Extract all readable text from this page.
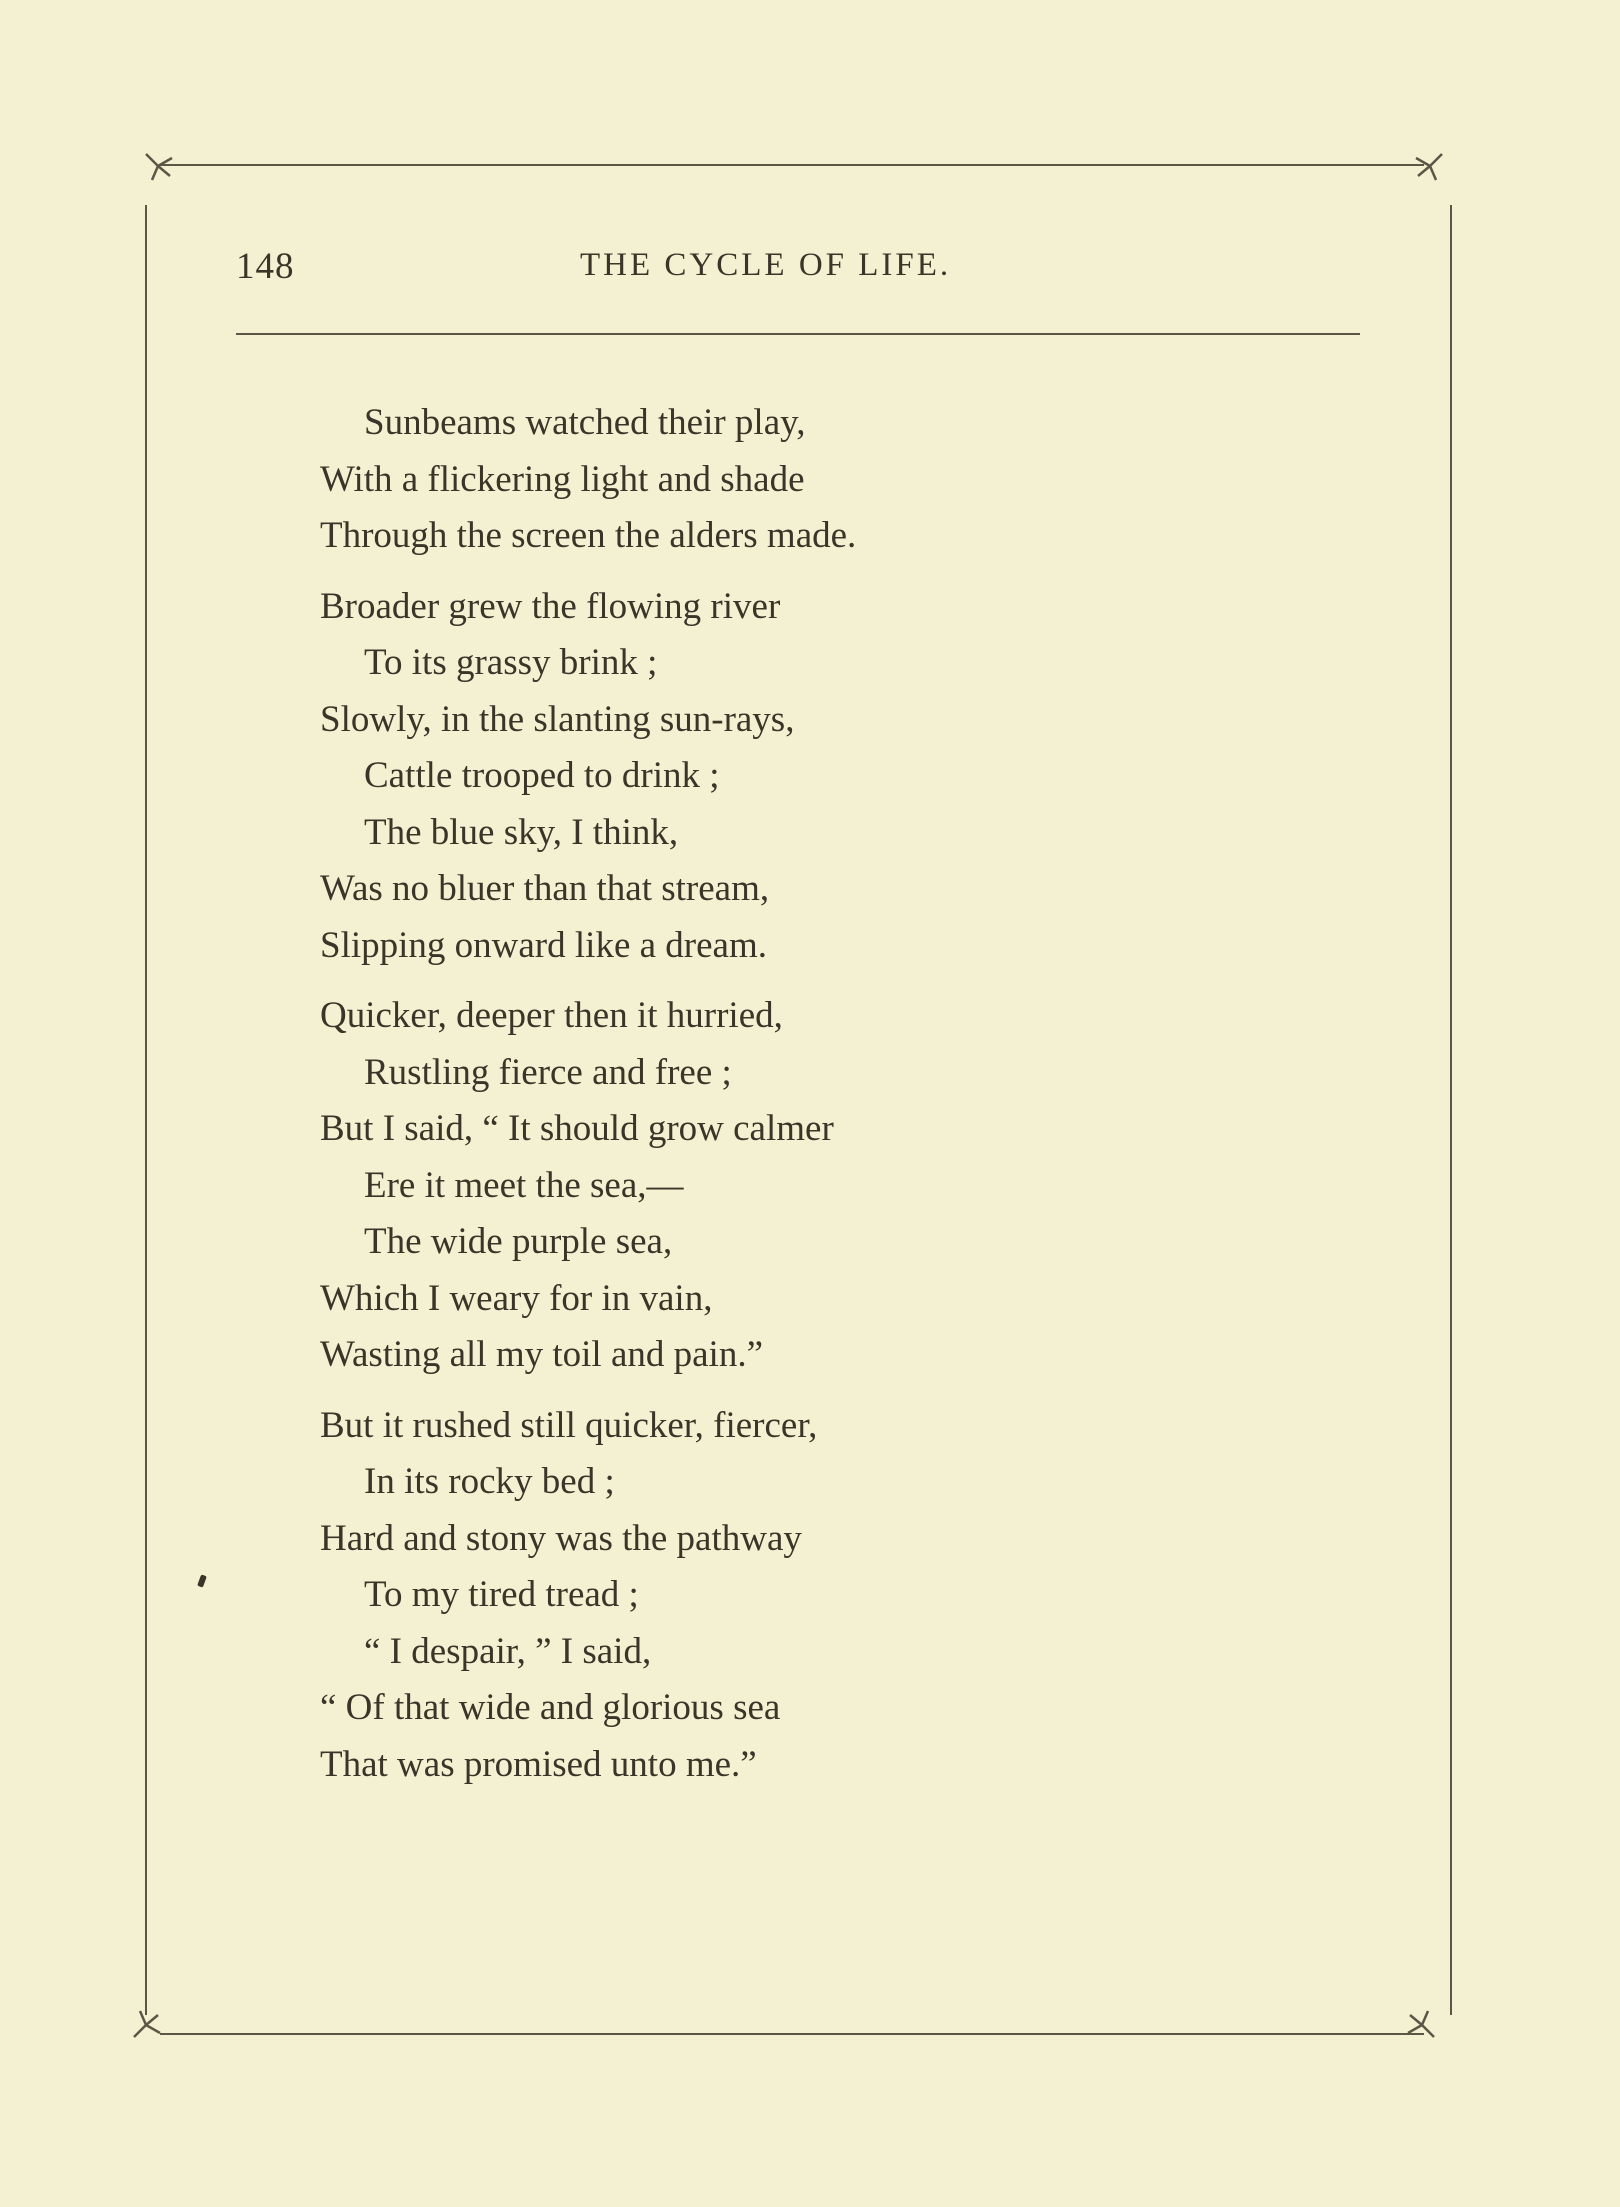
148	THE CYCLE OF LIFE.
Sunbeams watched their play,
With a flickering light and shade
Through the screen the alders made.
Broader grew the flowing river
To its grassy brink ;
Slowly, in the slanting sun-rays,
Cattle trooped to drink ;
The blue sky, I think,
Was no bluer than that stream,
Slipping onward like a dream.
Quicker, deeper then it hurried,
Rustling fierce and free ;
But I said, “ It should grow calmer
Ere it meet the sea,—
The wide purple sea,
Which I weary for in vain,
Wasting all my toil and pain.”
But it rushed still quicker, fiercer,
In its rocky bed ;
Hard and stony was the pathway
To my tired tread ;
“ I despair, ” I said,
“ Of that wide and glorious sea
That was promised unto me.”
